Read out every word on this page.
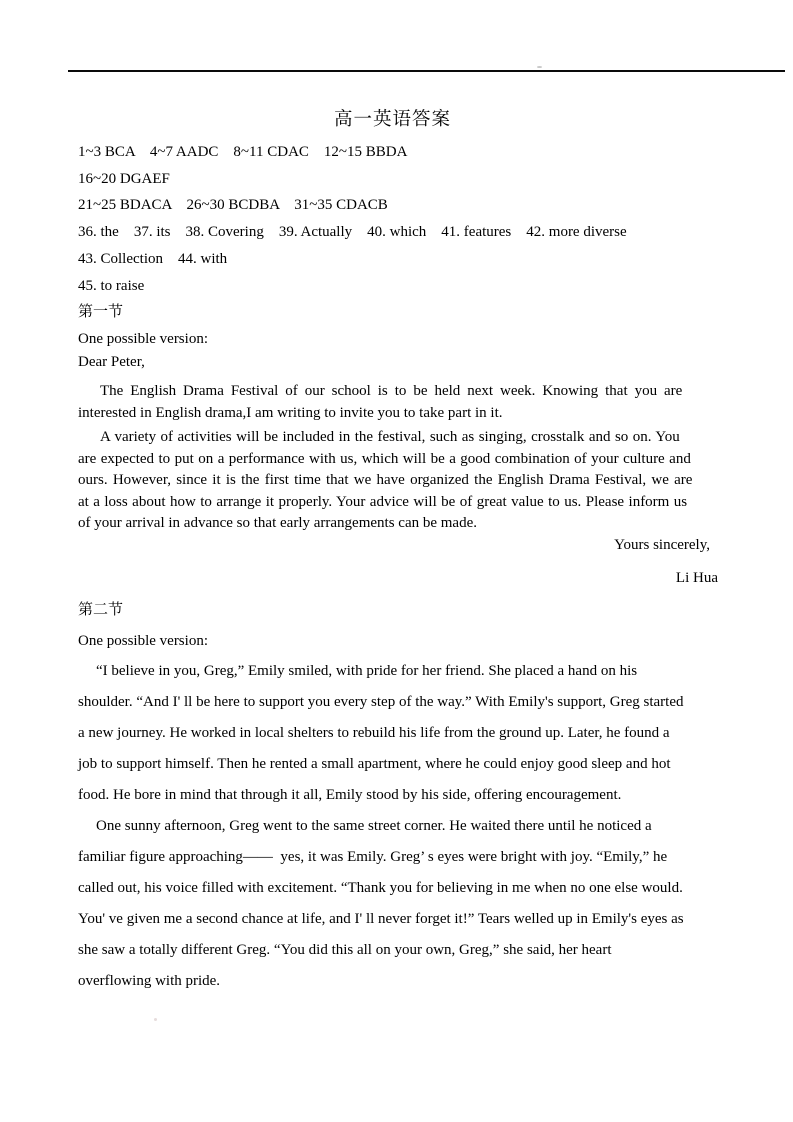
高一英语答案
1~3 BCA    4~7 AADC    8~11 CDAC    12~15 BBDA
16~20 DGAEF
21~25 BDACA    26~30 BCDBA    31~35 CDACB
36. the    37. its    38. Covering    39. Actually    40. which    41. features    42. more diverse
43. Collection    44. with
45. to raise
第一节
One possible version:
Dear Peter,
The English Drama Festival of our school is to be held next week. Knowing that you are
interested in English drama,I am writing to invite you to take part in it.
A variety of activities will be included in the festival, such as singing, crosstalk and so on. You
are expected to put on a performance with us, which will be a good combination of your culture and
ours. However, since it is the first time that we have organized the English Drama Festival, we are
at a loss about how to arrange it properly. Your advice will be of great value to us. Please inform us
of your arrival in advance so that early arrangements can be made.
Yours sincerely,
Li Hua
第二节
One possible version:
“I believe in you, Greg,” Emily smiled, with pride for her friend. She placed a hand on his
shoulder. “And I' ll be here to support you every step of the way.” With Emily's support, Greg started
a new journey. He worked in local shelters to rebuild his life from the ground up. Later, he found a
job to support himself. Then he rented a small apartment, where he could enjoy good sleep and hot
food. He bore in mind that through it all, Emily stood by his side, offering encouragement.
One sunny afternoon, Greg went to the same street corner. He waited there until he noticed a
familiar figure approaching——  yes, it was Emily. Greg’ s eyes were bright with joy. “Emily,” he
called out, his voice filled with excitement. “Thank you for believing in me when no one else would.
You' ve given me a second chance at life, and I' ll never forget it!” Tears welled up in Emily's eyes as
she saw a totally different Greg. “You did this all on your own, Greg,” she said, her heart
overflowing with pride.
